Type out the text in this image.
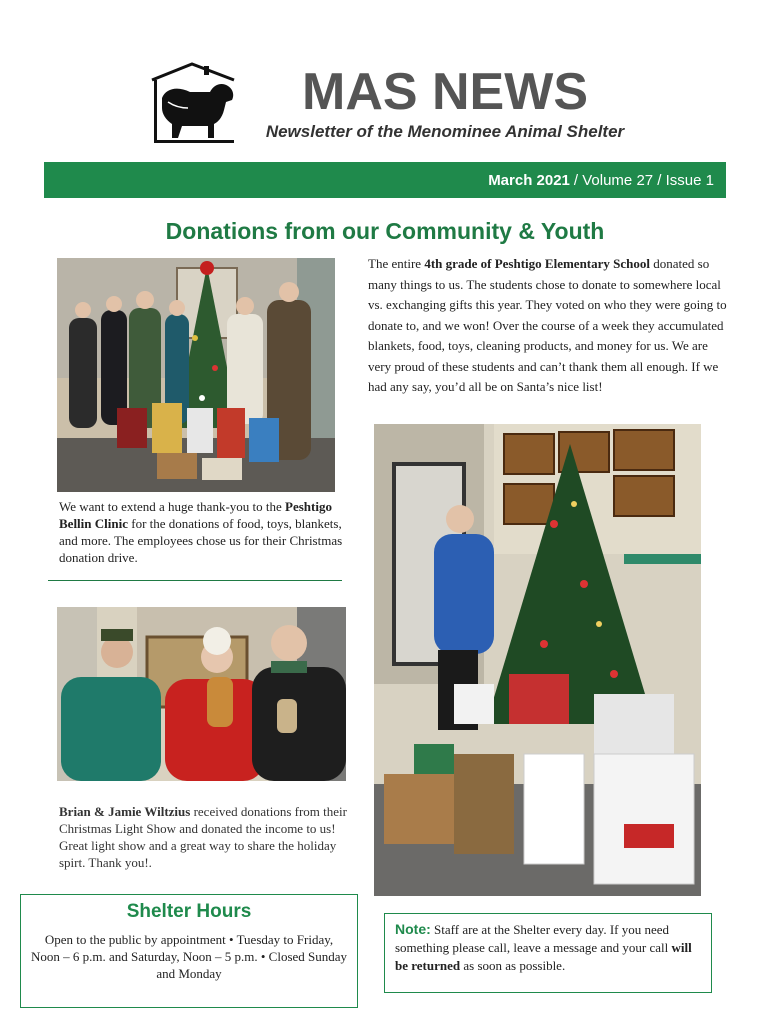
MAS NEWS
Newsletter of the Menominee Animal Shelter
March 2021 / Volume 27 / Issue 1
Donations from our Community & Youth
The entire 4th grade of Peshtigo Elementary School donated so many things to us. The students chose to donate to somewhere local vs. exchanging gifts this year. They voted on who they were going to donate to, and we won! Over the course of a week they accumulated blankets, food, toys, cleaning products, and money for us. We are very proud of these students and can’t thank them all enough. If we had any say, you’d all be on Santa’s nice list!
We want to extend a huge thank-you to the Peshtigo Bellin Clinic for the donations of food, toys, blankets, and more. The employees chose us for their Christmas donation drive.
Brian & Jamie Wiltzius received donations from their Christmas Light Show and donated the income to us! Great light show and a great way to share the holiday spirt. Thank you!.
Shelter Hours
Open to the public by appointment • Tuesday to Friday, Noon – 6 p.m. and Saturday, Noon – 5 p.m. • Closed Sunday and Monday
Note: Staff are at the Shelter every day. If you need something please call, leave a message and your call will be returned as soon as possible.
